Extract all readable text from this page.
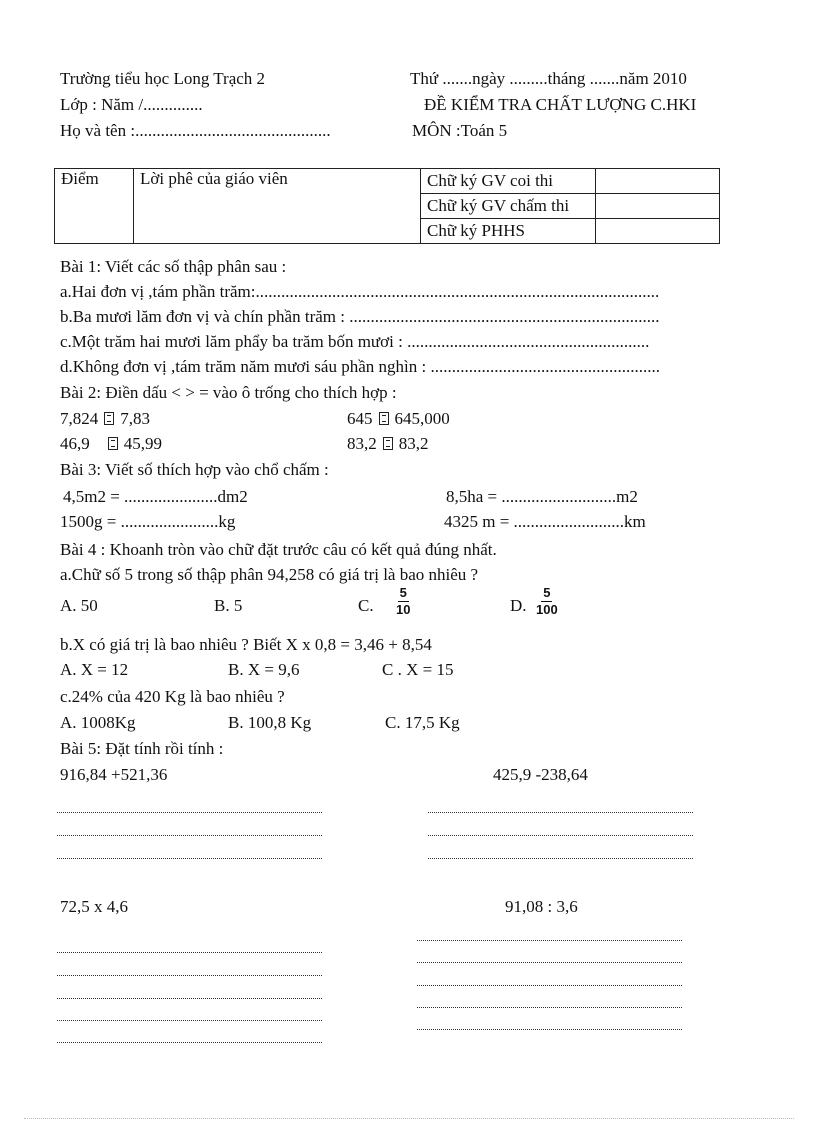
Trường tiểu học Long Trạch 2	Thứ .......ngày .........tháng .......năm 2010
Lớp : Năm /..............	ĐỀ KIỂM TRA CHẤT LƯỢNG C.HKI
Họ và tên :..............................................	MÔN :Toán 5
Điểm	Lời phê của giáo viên	Chữ ký GV coi thi	
		Chữ ký GV chấm thi	
		Chữ ký PHHS	
Bài 1: Viết các số thập phân sau :
a.Hai đơn vị ,tám phần trăm:...............................................................................................
b.Ba mươi lăm đơn vị và chín phần trăm : .........................................................................
c.Một trăm hai mươi lăm phẩy ba trăm bốn mươi : .........................................................
d.Không đơn vị ,tám trăm năm mươi sáu phần nghìn : ......................................................
Bài 2: Điền dấu < > = vào ô trống cho thích hợp :
7,824 7,83	645 645,000
46,9 45,99	83,2 83,2
Bài 3: Viết số thích hợp vào chổ chấm :
4,5m2 = ......................dm2	8,5ha = ...........................m2
1500g = .......................kg	4325 m = ..........................km
Bài 4 : Khoanh tròn vào chữ đặt trước câu có kết quả đúng nhất.
a.Chữ số 5 trong số thập phân 94,258 có giá trị là bao nhiêu ?
A. 50	B. 5	C. $\frac{5}{10}$	D. $\frac{5}{100}$
b.X có giá trị là bao nhiêu ? Biết X x 0,8 = 3,46 + 8,54
A. X = 12	B. X = 9,6	C . X = 15
c.24% của 420 Kg là bao nhiêu ?
A. 1008Kg	B. 100,8 Kg	C. 17,5 Kg
Bài 5: Đặt tính rồi tính :
916,84 +521,36	425,9 -238,64
72,5 x 4,6	91,08 : 3,6
